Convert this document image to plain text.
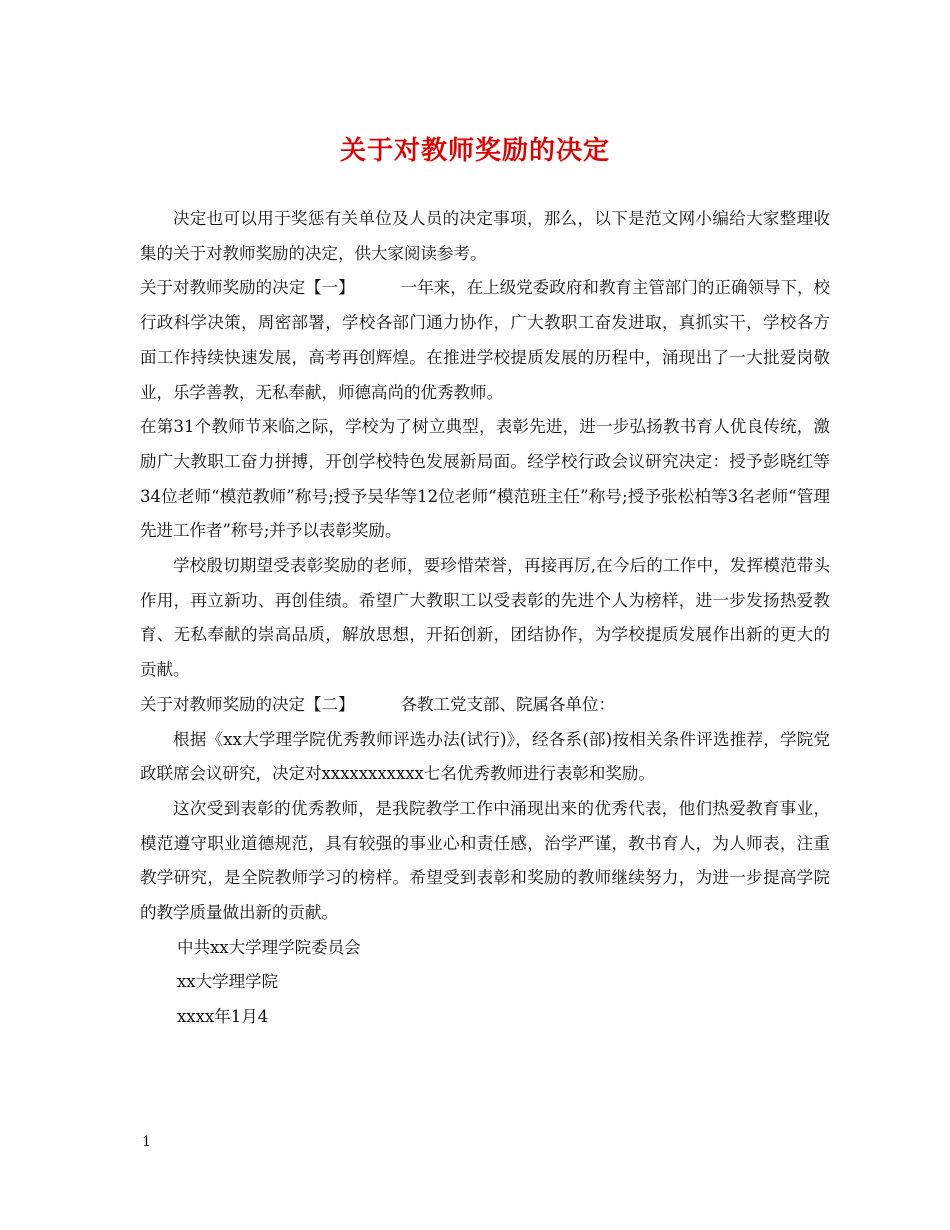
关于对教师奖励的决定

决定也可以用于奖惩有关单位及人员的决定事项，那么，以下是范文网小编给大家整理收集的关于对教师奖励的决定，供大家阅读参考。

关于对教师奖励的决定【一】	一年来，在上级党委政府和教育主管部门的正确领导下，校行政科学决策，周密部署，学校各部门通力协作，广大教职工奋发进取，真抓实干，学校各方面工作持续快速发展，高考再创辉煌。在推进学校提质发展的历程中，涌现出了一大批爱岗敬业，乐学善教，无私奉献，师德高尚的优秀教师。

在第31个教师节来临之际，学校为了树立典型，表彰先进，进一步弘扬教书育人优良传统，激励广大教职工奋力拼搏，开创学校特色发展新局面。经学校行政会议研究决定：授予彭晓红等34位老师“模范教师”称号;授予吴华等12位老师“模范班主任”称号;授予张松柏等3名老师“管理先进工作者”称号;并予以表彰奖励。

学校殷切期望受表彰奖励的老师，要珍惜荣誉，再接再厉,在今后的工作中，发挥模范带头作用，再立新功、再创佳绩。希望广大教职工以受表彰的先进个人为榜样，进一步发扬热爱教育、无私奉献的崇高品质，解放思想，开拓创新，团结协作，为学校提质发展作出新的更大的贡献。

关于对教师奖励的决定【二】	各教工党支部、院属各单位：

根据《xx大学理学院优秀教师评选办法(试行)》，经各系(部)按相关条件评选推荐，学院党政联席会议研究，决定对xxxxxxxxxxx七名优秀教师进行表彰和奖励。

这次受到表彰的优秀教师，是我院教学工作中涌现出来的优秀代表，他们热爱教育事业，模范遵守职业道德规范，具有较强的事业心和责任感，治学严谨，教书育人，为人师表，注重教学研究，是全院教师学习的榜样。希望受到表彰和奖励的教师继续努力，为进一步提高学院的教学质量做出新的贡献。

中共xx大学理学院委员会

xx大学理学院

xxxx年1月4

1
